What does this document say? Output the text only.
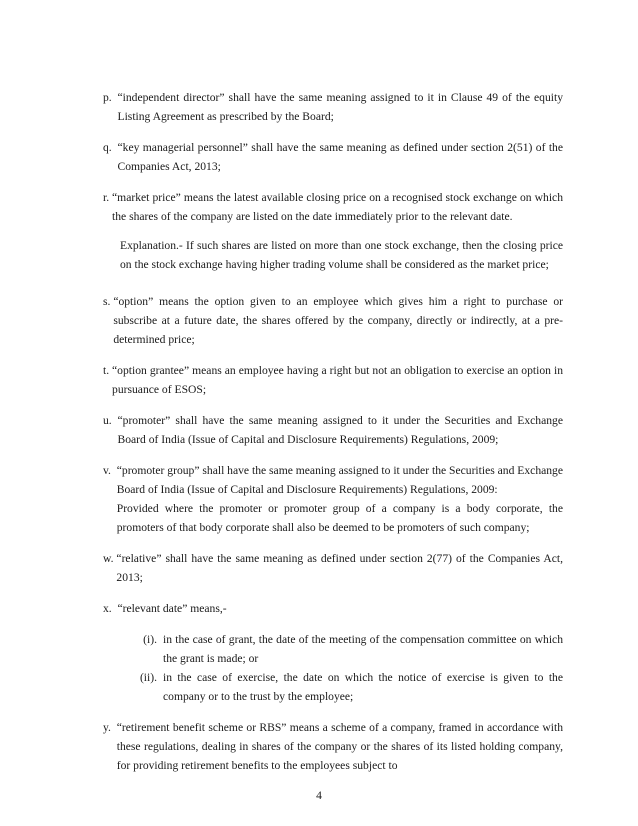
p. “independent director” shall have the same meaning assigned to it in Clause 49 of the equity Listing Agreement as prescribed by the Board;
q. “key managerial personnel” shall have the same meaning as defined under section 2(51) of the Companies Act, 2013;
r. “market price” means the latest available closing price on a recognised stock exchange on which the shares of the company are listed on the date immediately prior to the relevant date.
Explanation.- If such shares are listed on more than one stock exchange, then the closing price on the stock exchange having higher trading volume shall be considered as the market price;
s. “option” means the option given to an employee which gives him a right to purchase or subscribe at a future date, the shares offered by the company, directly or indirectly, at a pre-determined price;
t. “option grantee” means an employee having a right but not an obligation to exercise an option in pursuance of ESOS;
u. “promoter” shall have the same meaning assigned to it under the Securities and Exchange Board of India (Issue of Capital and Disclosure Requirements) Regulations, 2009;
v. “promoter group” shall have the same meaning assigned to it under the Securities and Exchange Board of India (Issue of Capital and Disclosure Requirements) Regulations, 2009:
Provided where the promoter or promoter group of a company is a body corporate, the promoters of that body corporate shall also be deemed to be promoters of such company;
w. “relative” shall have the same meaning as defined under section 2(77) of the Companies Act, 2013;
x. “relevant date” means,-
(i). in the case of grant, the date of the meeting of the compensation committee on which the grant is made; or
(ii). in the case of exercise, the date on which the notice of exercise is given to the company or to the trust by the employee;
y. “retirement benefit scheme or RBS” means a scheme of a company, framed in accordance with these regulations, dealing in shares of the company or the shares of its listed holding company, for providing retirement benefits to the employees subject to
4
